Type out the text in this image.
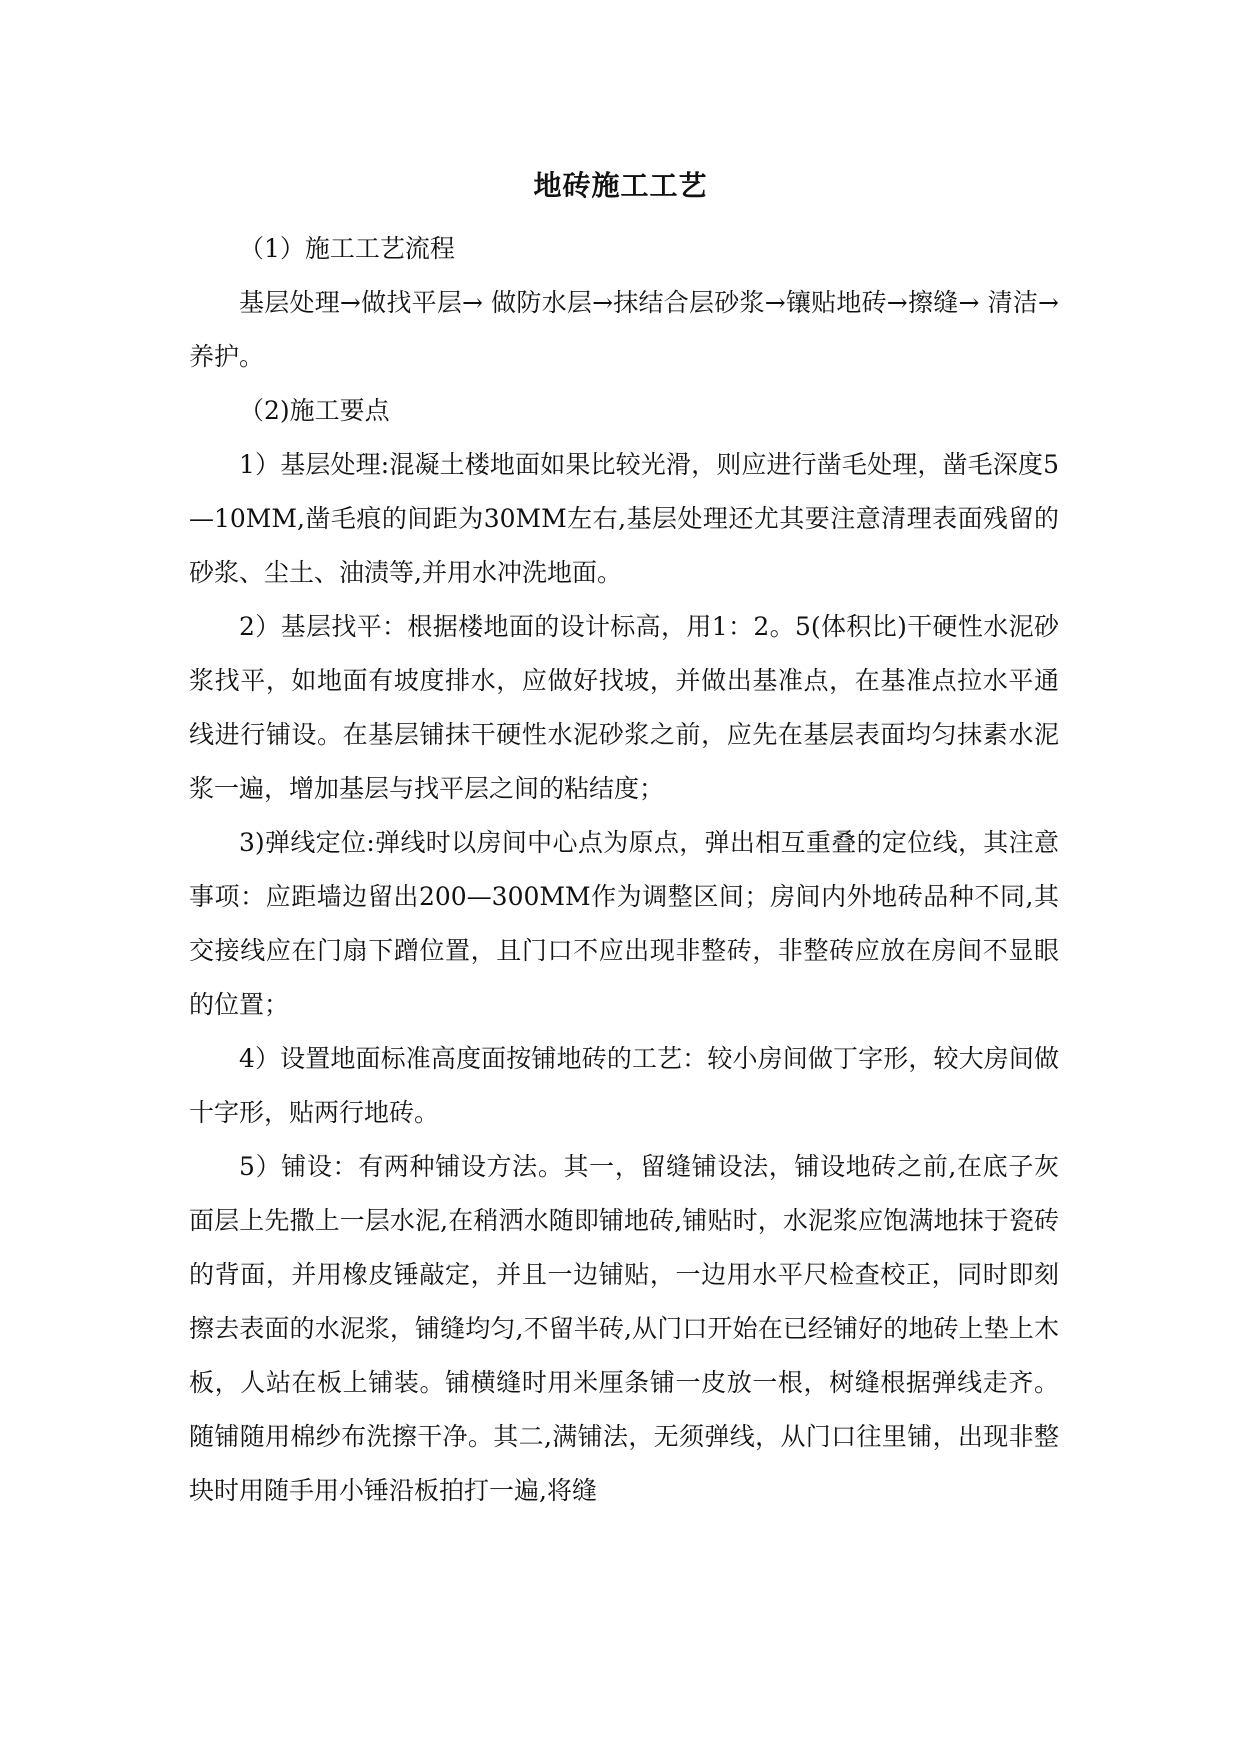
地砖施工工艺

（1）施工工艺流程

基层处理→做找平层→ 做防水层→抹结合层砂浆→镶贴地砖→擦缝→ 清洁→养护。

（2)施工要点

1）基层处理:混凝土楼地面如果比较光滑，则应进行凿毛处理，凿毛深度5—10MM,凿毛痕的间距为30MM左右,基层处理还尤其要注意清理表面残留的砂浆、尘土、油渍等,并用水冲洗地面。

2）基层找平：根据楼地面的设计标高，用1：2。5(体积比)干硬性水泥砂浆找平，如地面有坡度排水，应做好找坡，并做出基准点，在基准点拉水平通线进行铺设。在基层铺抹干硬性水泥砂浆之前，应先在基层表面均匀抹素水泥浆一遍，增加基层与找平层之间的粘结度；

3)弹线定位:弹线时以房间中心点为原点，弹出相互重叠的定位线，其注意事项：应距墙边留出200—300MM作为调整区间；房间内外地砖品种不同,其交接线应在门扇下蹭位置，且门口不应出现非整砖，非整砖应放在房间不显眼的位置；

4）设置地面标准高度面按铺地砖的工艺：较小房间做丁字形，较大房间做十字形，贴两行地砖。

5）铺设：有两种铺设方法。其一，留缝铺设法，铺设地砖之前,在底子灰面层上先撒上一层水泥,在稍洒水随即铺地砖,铺贴时，水泥浆应饱满地抹于瓷砖的背面，并用橡皮锤敲定，并且一边铺贴，一边用水平尺检查校正，同时即刻擦去表面的水泥浆，铺缝均匀,不留半砖,从门口开始在已经铺好的地砖上垫上木板，人站在板上铺装。铺横缝时用米厘条铺一皮放一根，树缝根据弹线走齐。随铺随用棉纱布洗擦干净。其二,满铺法，无须弹线，从门口往里铺，出现非整块时用随手用小锤沿板拍打一遍,将缝
